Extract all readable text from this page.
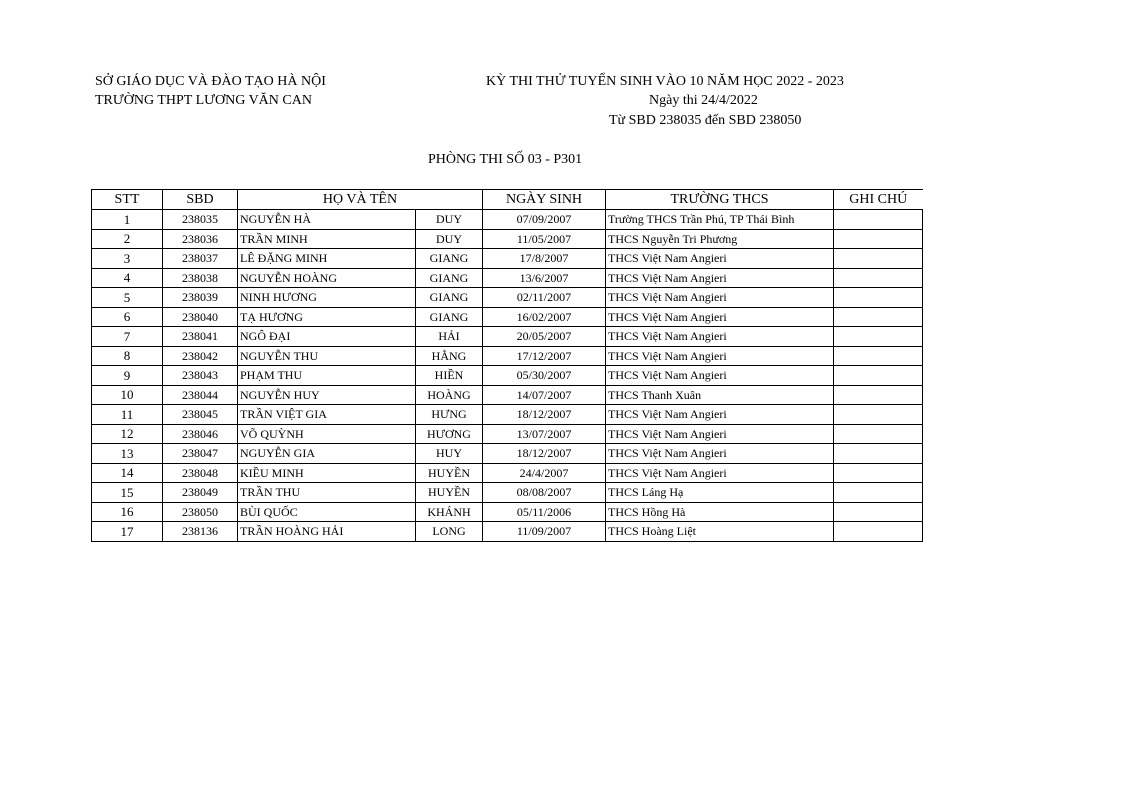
SỞ GIÁO DỤC VÀ ĐÀO TẠO HÀ NỘI
TRƯỜNG THPT LƯƠNG VĂN CAN
KỲ THI THỬ TUYỂN SINH VÀO 10 NĂM HỌC 2022 - 2023
Ngày thi 24/4/2022
Từ SBD 238035 đến SBD 238050
PHÒNG THI SỐ 03 - P301
STT	SBD	HỌ VÀ TÊN		NGÀY SINH	TRƯỜNG THCS	GHI CHÚ
1	238035	NGUYỄN HÀ	DUY	07/09/2007	Trường THCS Trần Phú, TP Thái Bình	
2	238036	TRẦN MINH	DUY	11/05/2007	THCS Nguyễn Tri Phương	
3	238037	LÊ ĐẶNG MINH	GIANG	17/8/2007	THCS Việt Nam Angieri	
4	238038	NGUYỄN HOÀNG	GIANG	13/6/2007	THCS Việt Nam Angieri	
5	238039	NINH HƯƠNG	GIANG	02/11/2007	THCS Việt Nam Angieri	
6	238040	TẠ HƯƠNG	GIANG	16/02/2007	THCS Việt Nam Angieri	
7	238041	NGÔ ĐẠI	HẢI	20/05/2007	THCS Việt Nam Angieri	
8	238042	NGUYỄN THU	HẰNG	17/12/2007	THCS Việt Nam Angieri	
9	238043	PHẠM THU	HIỀN	05/30/2007	THCS Việt Nam Angieri	
10	238044	NGUYỄN HUY	HOÀNG	14/07/2007	THCS Thanh Xuân	
11	238045	TRẦN VIỆT GIA	HƯNG	18/12/2007	THCS Việt Nam Angieri	
12	238046	VÕ QUỲNH	HƯƠNG	13/07/2007	THCS Việt Nam Angieri	
13	238047	NGUYỄN GIA	HUY	18/12/2007	THCS Việt Nam Angieri	
14	238048	KIỀU MINH	HUYỀN	24/4/2007	THCS Việt Nam Angieri	
15	238049	TRẦN THU	HUYỀN	08/08/2007	THCS Láng Hạ	
16	238050	BÙI QUỐC	KHÁNH	05/11/2006	THCS Hồng Hà	
17	238136	TRẦN HOÀNG HẢI	LONG	11/09/2007	THCS Hoàng Liệt	
